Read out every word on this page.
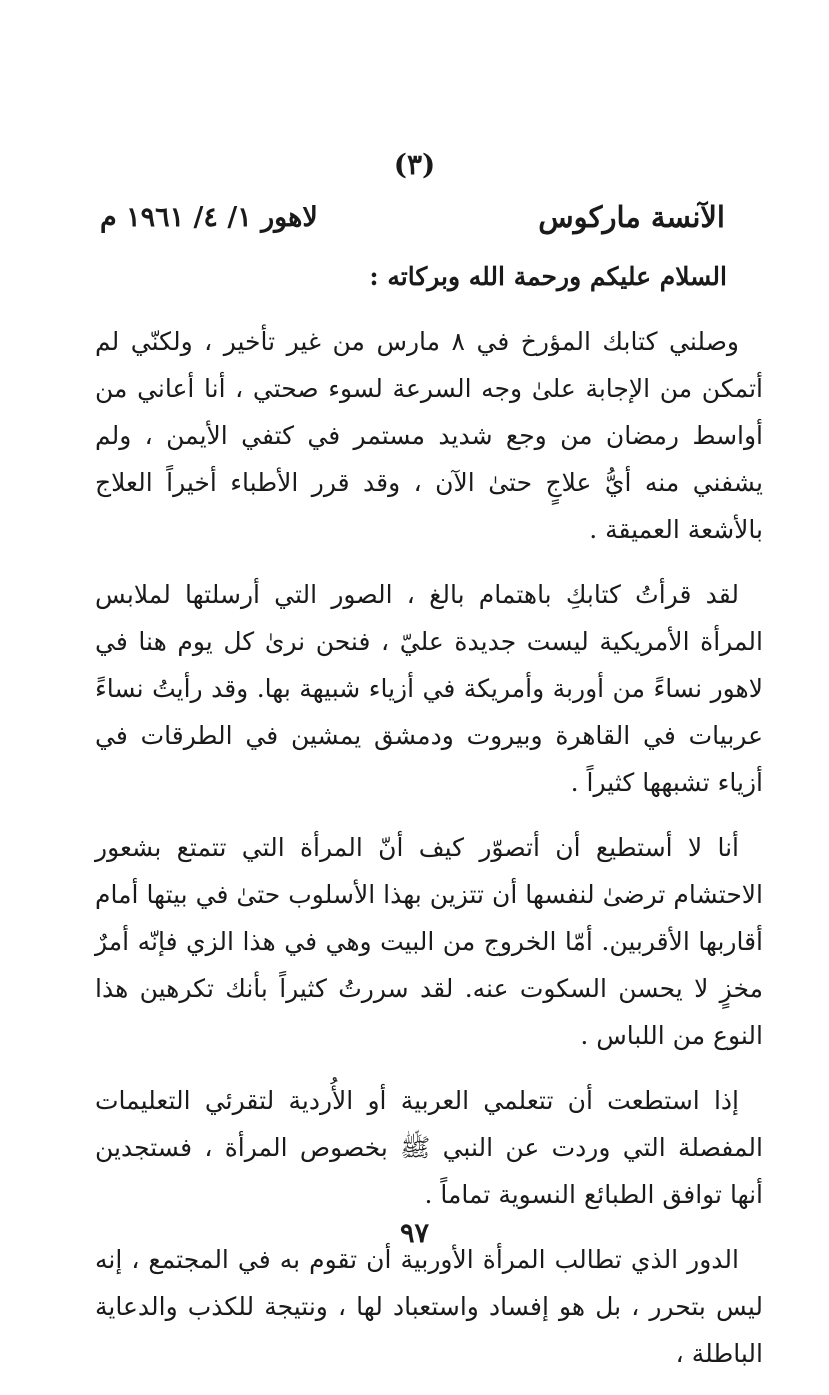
(٣)
الآنسة ماركوس
لاهور ١/ ٤/ ١٩٦١ م
السلام عليكم ورحمة الله وبركاته :

وصلني كتابك المؤرخ في ٨ مارس من غير تأخير ، ولكنّي لم أتمكن من الإجابة علىٰ وجه السرعة لسوء صحتي ، أنا أعاني من أواسط رمضان من وجع شديد مستمر في كتفي الأيمن ، ولم يشفني منه أيُّ علاجٍ حتىٰ الآن ، وقد قرر الأطباء أخيراً العلاج بالأشعة العميقة .

لقد قرأتُ كتابكِ باهتمام بالغ ، الصور التي أرسلتها لملابس المرأة الأمريكية ليست جديدة عليّ ، فنحن نرىٰ كل يوم هنا في لاهور نساءً من أوربة وأمريكة في أزياء شبيهة بها. وقد رأيتُ نساءً عربيات في القاهرة وبيروت ودمشق يمشين في الطرقات في أزياء تشبهها كثيراً .

أنا لا أستطيع أن أتصوّر كيف أنّ المرأة التي تتمتع بشعور الاحتشام ترضىٰ لنفسها أن تتزين بهذا الأسلوب حتىٰ في بيتها أمام أقاربها الأقربين. أمّا الخروج من البيت وهي في هذا الزي فإنّه أمرٌ مخزٍ لا يحسن السكوت عنه. لقد سررتُ كثيراً بأنك تكرهين هذا النوع من اللباس .

إذا استطعت أن تتعلمي العربية أو الأُردية لتقرئي التعليمات المفصلة التي وردت عن النبي ﷺ بخصوص المرأة ، فستجدين أنها توافق الطبائع النسوية تماماً .

الدور الذي تطالب المرأة الأوربية أن تقوم به في المجتمع ، إنه ليس بتحرر ، بل هو إفساد واستعباد لها ، ونتيجة للكذب والدعاية الباطلة ،

٩٧
